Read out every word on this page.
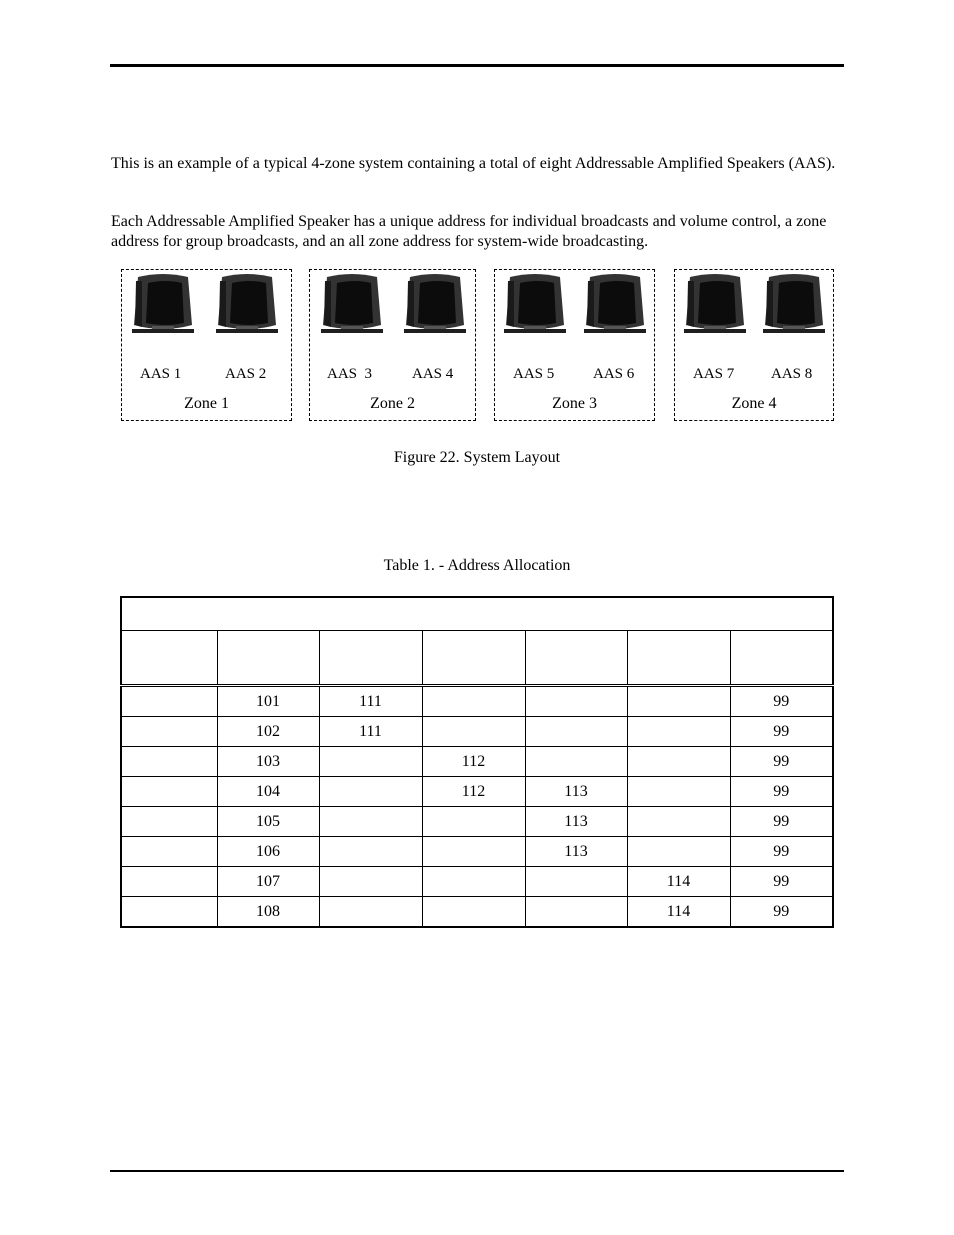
This is an example of a typical 4-zone system containing a total of eight Addressable Amplified Speakers (AAS).

Each Addressable Amplified Speaker has a unique address for individual broadcasts and volume control, a zone address for group broadcasts, and an all zone address for system-wide broadcasting.

AAS 1	AAS 2
Zone 1
AAS  3	AAS 4
Zone 2
AAS 5	AAS 6
Zone 3
AAS 7 AAS 8
Zone 4
Figure 22. System Layout
Table 1. - Address Allocation

	101	111				99
	102	111				99
	103		112			99
	104		112	113		99
	105			113		99
	106			113		99
	107				114	99
	108				114	99
